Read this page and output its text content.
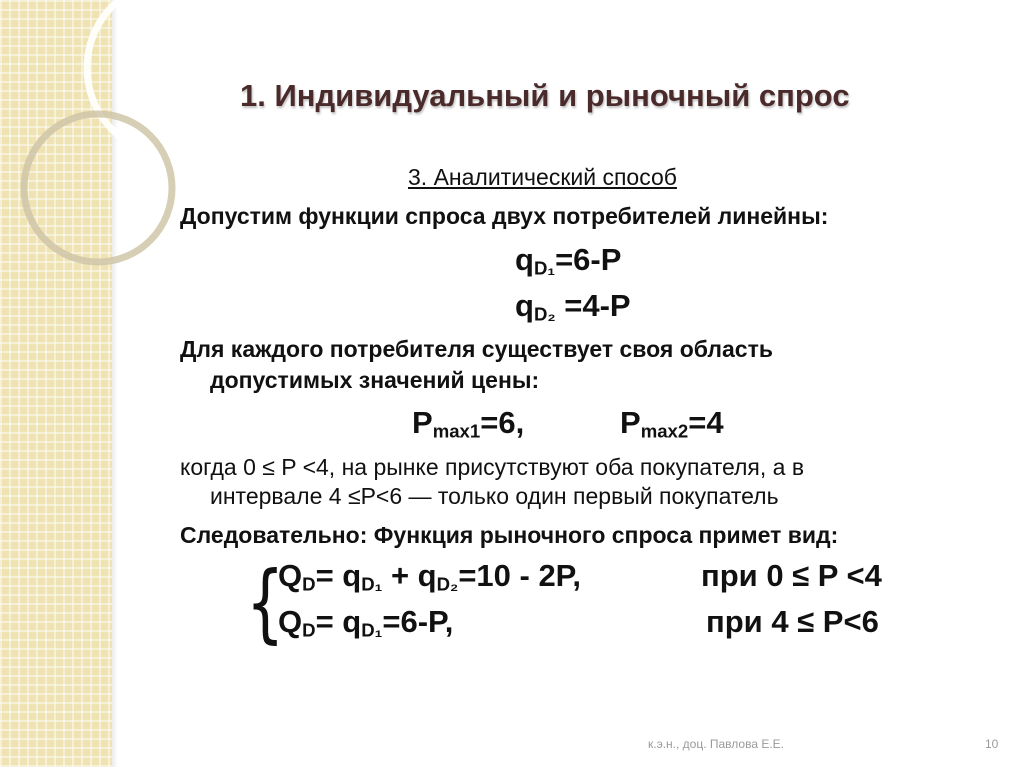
1. Индивидуальный и рыночный спрос
3. Аналитический способ
Допустим функции спроса двух потребителей линейны:
$q_{D_1}=6-P$
$q_{D_2} =4-P$
Для каждого потребителя существует своя область
допустимых значений цены:
$P_{max1}=6$,	$P_{max2}=4$
когда 0 ≤ P <4, на рынке присутствуют оба покупателя, а в
интервале 4 ≤P<6 — только один первый покупатель
Следовательно: Функция рыночного спроса примет вид:
{
$Q_D= q_{D_1} + q_{D_2}=10 - 2P$,	при 0 ≤ P <4
$Q_D= q_{D_1}=6-P$,	при 4 ≤ P<6
к.э.н., доц. Павлова Е.Е.	10
